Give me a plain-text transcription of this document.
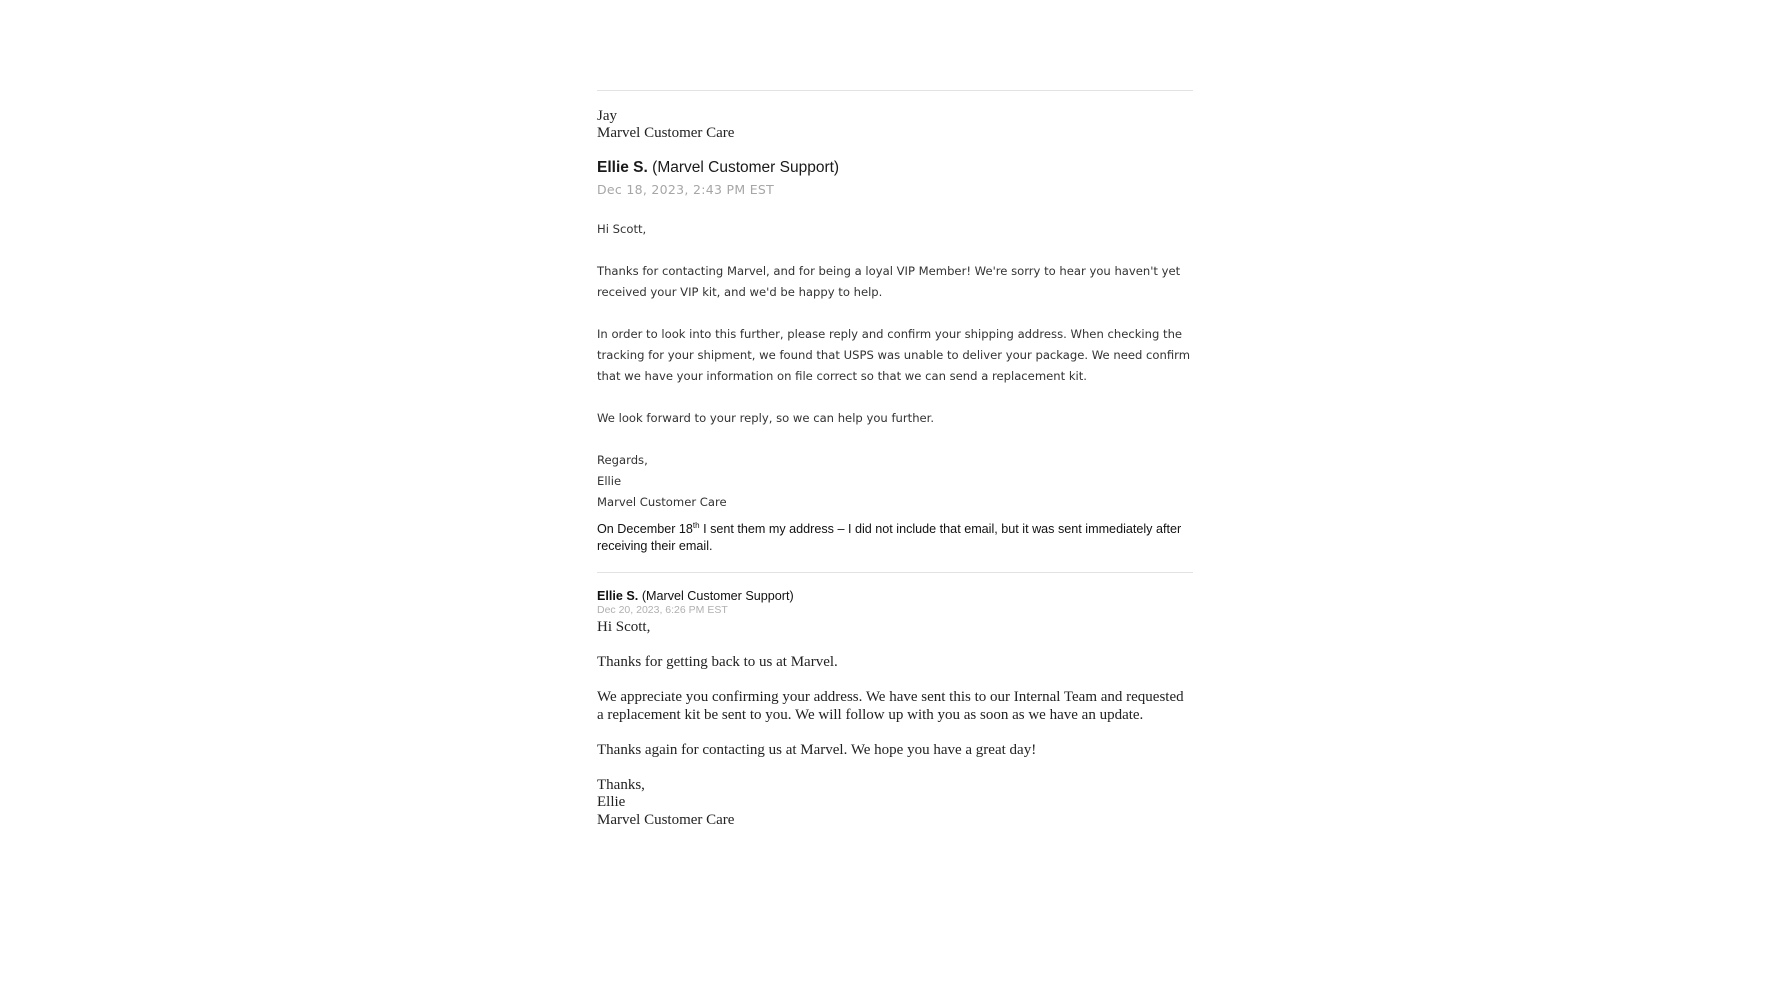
Jay
Marvel Customer Care
Ellie S. (Marvel Customer Support)
Dec 18, 2023, 2:43 PM EST

Hi Scott,

Thanks for contacting Marvel, and for being a loyal VIP Member! We're sorry to hear you haven't yet received your VIP kit, and we'd be happy to help.

In order to look into this further, please reply and confirm your shipping address. When checking the tracking for your shipment, we found that USPS was unable to deliver your package. We need confirm that we have your information on file correct so that we can send a replacement kit.

We look forward to your reply, so we can help you further.

Regards,
Ellie
Marvel Customer Care
On December 18th I sent them my address – I did not include that email, but it was sent immediately after receiving their email.
Ellie S. (Marvel Customer Support)
Dec 20, 2023, 6:26 PM EST

Hi Scott,

Thanks for getting back to us at Marvel.

We appreciate you confirming your address. We have sent this to our Internal Team and requested a replacement kit be sent to you. We will follow up with you as soon as we have an update.

Thanks again for contacting us at Marvel. We hope you have a great day!

Thanks,
Ellie
Marvel Customer Care
